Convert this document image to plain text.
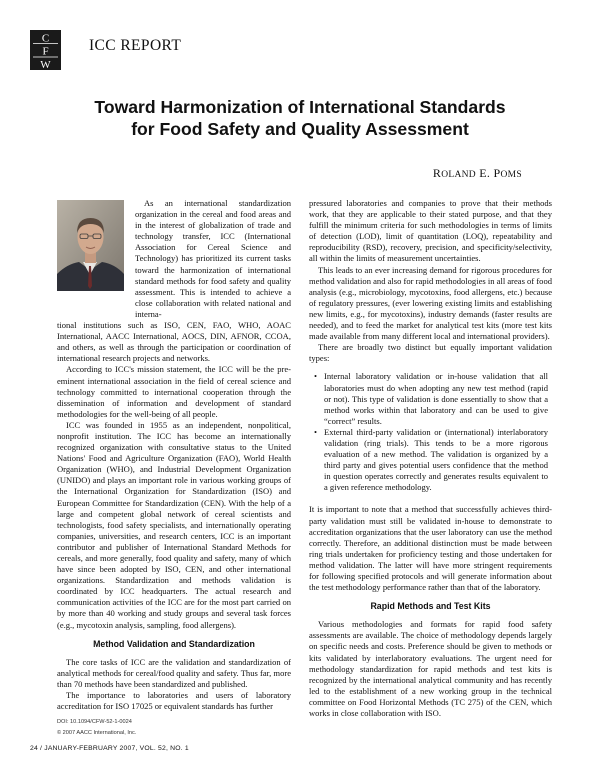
C
F
W
ICC REPORT
Toward Harmonization of International Standards
for Food Safety and Quality Assessment
ROLAND E. POMS

As an international standardization organization in the cereal and food areas and in the interest of globalization of trade and technology transfer, ICC (International Association for Cereal Science and Technology) has prioritized its current tasks toward the harmonization of international standard methods for food safety and quality assessment. This is intended to achieve a close collaboration with related national and interna-

tional institutions such as ISO, CEN, FAO, WHO, AOAC International, AACC International, AOCS, DIN, AFNOR, CCOA, and others, as well as through the participation or coordination of international research projects and networks.

According to ICC's mission statement, the ICC will be the pre-eminent international association in the field of cereal science and technology committed to international cooperation through the dissemination of information and development of standard methodologies for the well-being of all people.

ICC was founded in 1955 as an independent, nonpolitical, nonprofit institution. The ICC has become an internationally recognized organization with consultative status to the United Nations' Food and Agriculture Organization (FAO), World Health Organization (WHO), and Industrial Development Organization (UNIDO) and plays an important role in various working groups of the International Organization for Standardization (ISO) and European Committee for Standardization (CEN). With the help of a large and competent global network of cereal scientists and technologists, food safety specialists, and internationally operating companies, universities, and research centers, ICC is an important contributor and publisher of International Standard Methods for cereals, and more generally, food quality and safety, many of which have since been adopted by ISO, CEN, and other international organizations. Standardization and methods validation is coordinated by ICC headquarters. The actual research and communication activities of the ICC are for the most part carried on by more than 40 working and study groups and several task forces (e.g., mycotoxin analysis, sampling, food allergens).

Method Validation and Standardization

The core tasks of ICC are the validation and standardization of analytical methods for cereal/food quality and safety. Thus far, more than 70 methods have been standardized and published.

The importance to laboratories and users of laboratory accreditation for ISO 17025 or equivalent standards has further

pressured laboratories and companies to prove that their methods work, that they are applicable to their stated purpose, and that they fulfill the minimum criteria for such methodologies in terms of limits of detection (LOD), limit of quantitation (LOQ), repeatability and reproducibility (RSD), recovery, precision, and specificity/selectivity, all within the limits of measurement uncertainties.

This leads to an ever increasing demand for rigorous procedures for method validation and also for rapid methodologies in all areas of food analysis (e.g., microbiology, mycotoxins, food allergens, etc.) because of regulatory pressures, (ever lowering existing limits and establishing new limits, e.g., for mycotoxins), industry demands (faster results are needed), and to feed the market for analytical test kits (more test kits made available from many different local and international providers).

There are broadly two distinct but equally important validation types:

• Internal laboratory validation or in-house validation that all laboratories must do when adopting any new test method (rapid or not). This type of validation is done essentially to show that a method works within that laboratory and can be used to give “correct” results.
• External third-party validation or (international) interlaboratory validation (ring trials). This tends to be a more rigorous evaluation of a new method. The validation is organized by a third party and gives potential users confidence that the method in question operates correctly and generates results equivalent to a given reference methodology.

It is important to note that a method that successfully achieves third-party validation must still be validated in-house to demonstrate to accreditation organizations that the user laboratory can use the method correctly. Therefore, an additional distinction must be made between ring trials undertaken for proficiency testing and those undertaken for method validation. The latter will have more stringent requirements for following specified protocols and will generate information about the test methodology performance rather than that of the laboratory.

Rapid Methods and Test Kits

Various methodologies and formats for rapid food safety assessments are available. The choice of methodology depends largely on specific needs and costs. Preference should be given to methods or kits validated by interlaboratory evaluations. The urgent need for methodology standardization for rapid methods and test kits is recognized by the international analytical community and has recently led to the establishment of a new working group in the technical committee on Food Horizontal Methods (TC 275) of the CEN, which works in close collaboration with ISO.

DOI: 10.1094/CFW-52-1-0024
© 2007 AACC International, Inc.
24 / JANUARY-FEBRUARY 2007, VOL. 52, NO. 1
